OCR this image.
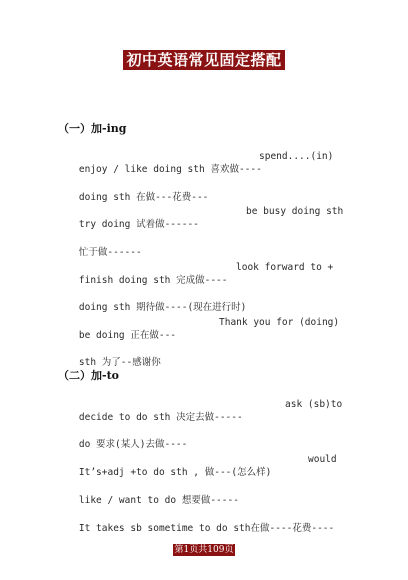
初中英语常见固定搭配
（一）加-ing

enjoy / like doing sth 喜欢做----

spend....(in)

doing sth 在做---花费---

try doing 试着做------

be busy doing sth

忙于做------

finish doing sth 完成做----

look forward to +

doing sth 期待做----(现在进行时)

be doing 正在做---

Thank you for (doing)

sth 为了--感谢你

（二）加-to

decide to do sth 决定去做-----

ask (sb)to

do 要求(某人)去做----

It’s+adj +to do sth , 做---(怎么样)

would

like / want to do 想要做-----

It takes sb sometime to do sth在做----花费----

第1页共109页
